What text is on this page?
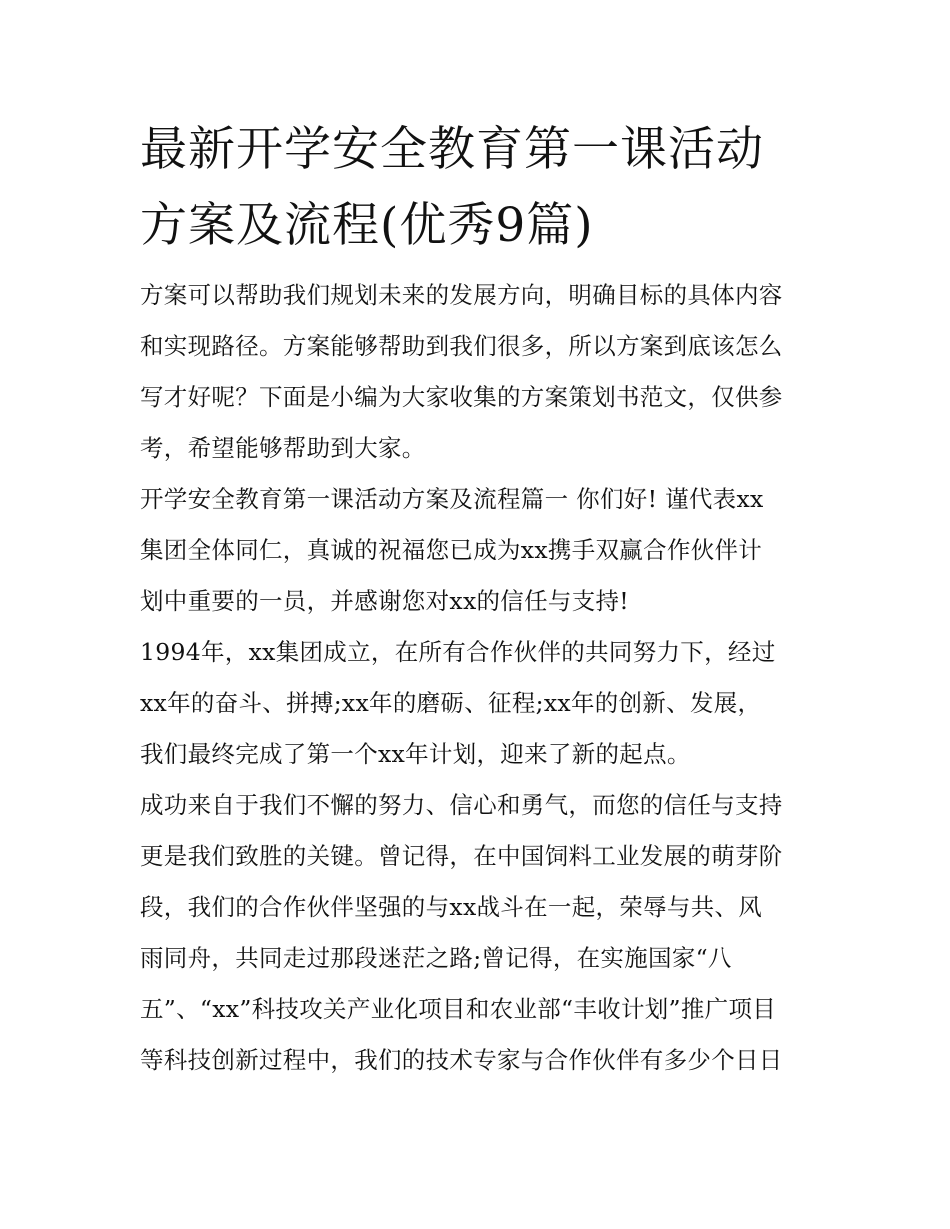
最新开学安全教育第一课活动
方案及流程(优秀9篇)

方案可以帮助我们规划未来的发展方向，明确目标的具体内容
和实现路径。方案能够帮助到我们很多，所以方案到底该怎么
写才好呢？下面是小编为大家收集的方案策划书范文，仅供参
考，希望能够帮助到大家。

开学安全教育第一课活动方案及流程篇一 你们好! 谨代表xx
集团全体同仁，真诚的祝福您已成为xx携手双赢合作伙伴计
划中重要的一员，并感谢您对xx的信任与支持!

1994年，xx集团成立，在所有合作伙伴的共同努力下，经过
xx年的奋斗、拼搏;xx年的磨砺、征程;xx年的创新、发展，
我们最终完成了第一个xx年计划，迎来了新的起点。

成功来自于我们不懈的努力、信心和勇气，而您的信任与支持
更是我们致胜的关键。曾记得，在中国饲料工业发展的萌芽阶
段，我们的合作伙伴坚强的与xx战斗在一起，荣辱与共、风
雨同舟，共同走过那段迷茫之路;曾记得，在实施国家“八
五”、“xx”科技攻关产业化项目和农业部“丰收计划”推广项目
等科技创新过程中，我们的技术专家与合作伙伴有多少个日日
